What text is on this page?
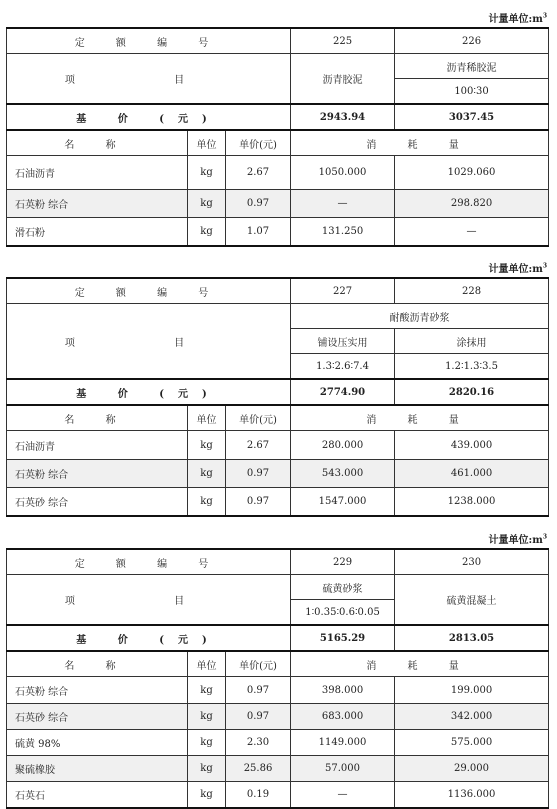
计量单位$:m^3$
定 额 编 号			225	226
项 目			沥青胶泥	沥青稀胶泥
				100∶30
基 价 (元)			2943.94	3037.45
名 称	单位	单价(元)	消 耗 量	
石油沥青	kg	2.67	1050.000	1029.060
石英粉 综合	kg	0.97	—	298.820
滑石粉	kg	1.07	131.250	—
计量单位$:m^3$
定 额 编 号			227	228
项 目			耐酸沥青砂浆	
			铺设压实用	涂抹用
			1.3∶2.6∶7.4	1.2∶1.3∶3.5
基 价 (元)			2774.90	2820.16
名 称	单位	单价(元)	消 耗 量	
石油沥青	kg	2.67	280.000	439.000
石英粉 综合	kg	0.97	543.000	461.000
石英砂 综合	kg	0.97	1547.000	1238.000
计量单位$:m^3$
定 额 编 号			229	230
项 目			硫黄砂浆	硫黄混凝土
			1∶0.35∶0.6∶0.05	
基 价 (元)			5165.29	2813.05
名 称	单位	单价(元)	消 耗 量	
石英粉 综合	kg	0.97	398.000	199.000
石英砂 综合	kg	0.97	683.000	342.000
硫黄 98%	kg	2.30	1149.000	575.000
聚硫橡胶	kg	25.86	57.000	29.000
石英石	kg	0.19	—	1136.000
